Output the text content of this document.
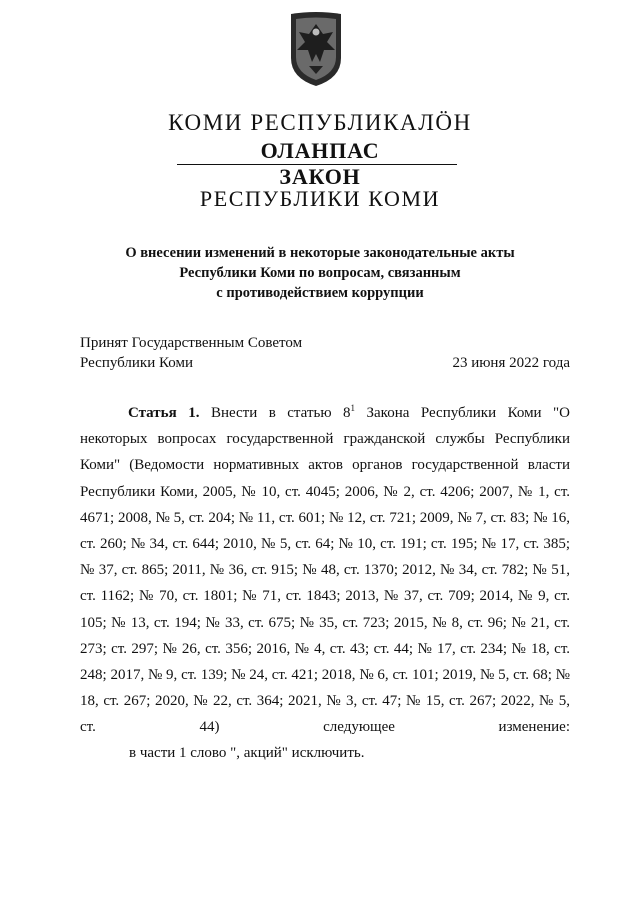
КОМИ РЕСПУБЛИКАЛӦН
ОЛАНПАС
ЗАКОН
РЕСПУБЛИКИ КОМИ
О внесении изменений в некоторые законодательные акты
Республики Коми по вопросам, связанным
с противодействием коррупции
Принят Государственным Советом
Республики Коми	23 июня 2022 года
Статья 1. Внести в статью $8^1$ Закона Республики Коми "О некоторых вопросах государственной гражданской службы Республики Коми" (Ведомости нормативных актов органов государственной власти Республики Коми, 2005, № 10, ст. 4045; 2006, № 2, ст. 4206; 2007, № 1, ст. 4671; 2008, № 5, ст. 204; № 11, ст. 601; № 12, ст. 721; 2009, № 7, ст. 83; № 16, ст. 260; № 34, ст. 644; 2010, № 5, ст. 64; № 10, ст. 191; ст. 195; № 17, ст. 385; № 37, ст. 865; 2011, № 36, ст. 915; № 48, ст. 1370; 2012, № 34, ст. 782; № 51, ст. 1162; № 70, ст. 1801; № 71, ст. 1843; 2013, № 37, ст. 709; 2014, № 9, ст. 105; № 13, ст. 194; № 33, ст. 675; № 35, ст. 723; 2015, № 8, ст. 96; № 21, ст. 273; ст. 297; № 26, ст. 356; 2016, № 4, ст. 43; ст. 44; № 17, ст. 234; № 18, ст. 248; 2017, № 9, ст. 139; № 24, ст. 421; 2018, № 6, ст. 101; 2019, № 5, ст. 68; № 18, ст. 267; 2020, № 22, ст. 364; 2021, № 3, ст. 47; № 15, ст. 267; 2022, № 5, ст. 44) следующее изменение:
в части 1 слово ", акций" исключить.
